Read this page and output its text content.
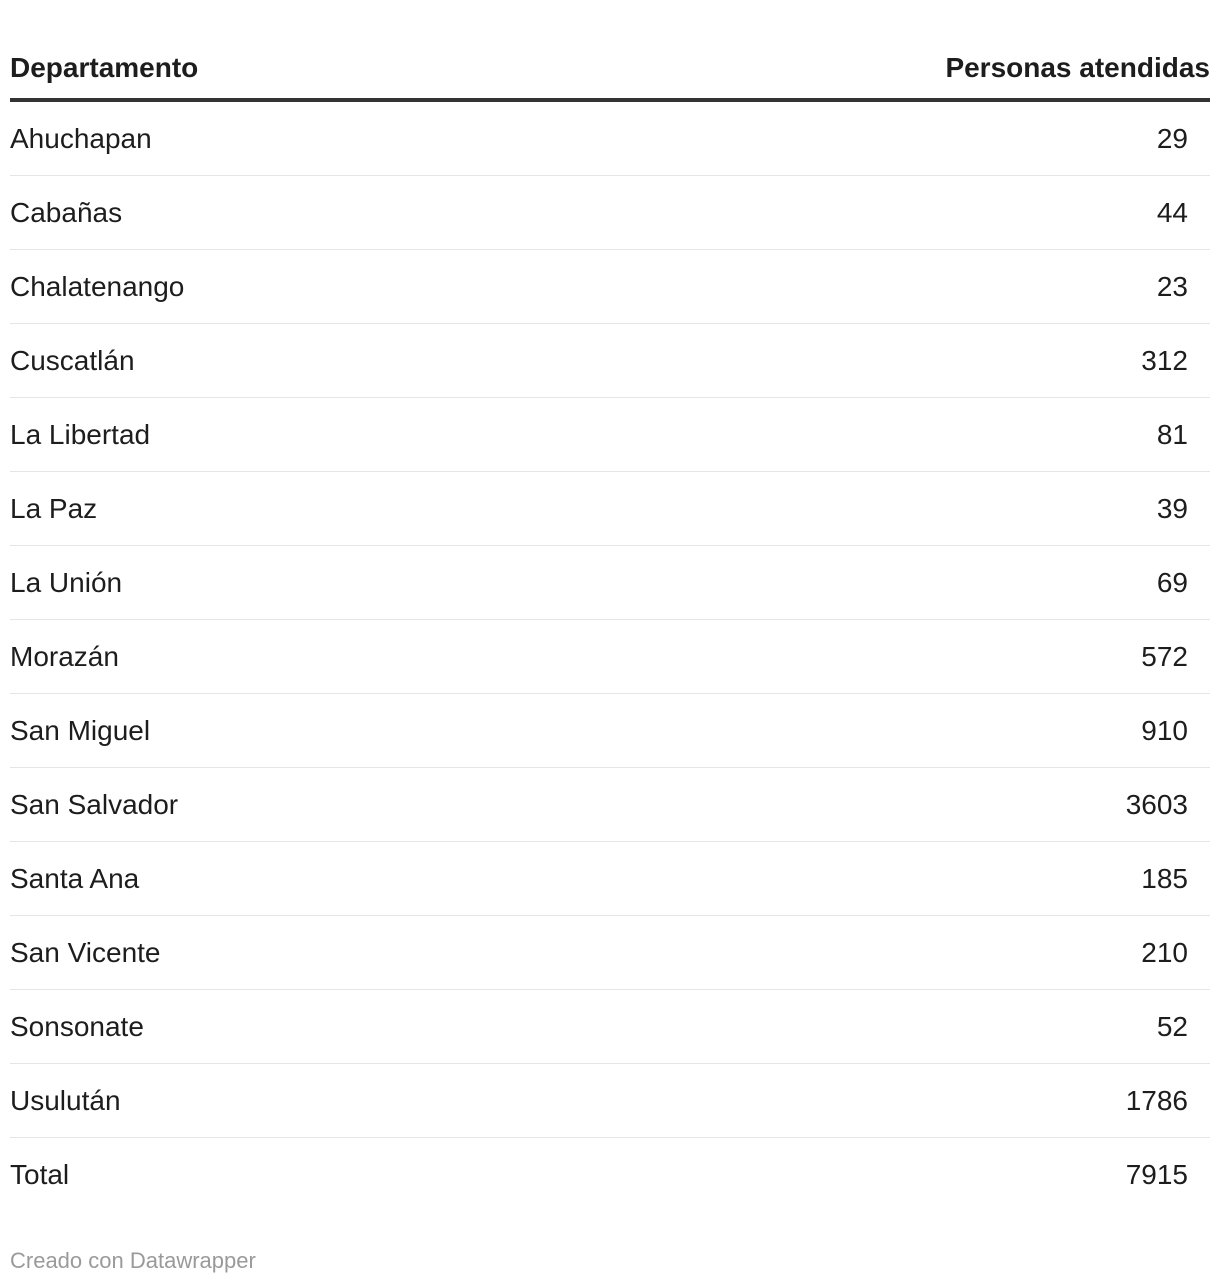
Departamento	Personas atendidas
Ahuchapan	29
Cabañas	44
Chalatenango	23
Cuscatlán	312
La Libertad	81
La Paz	39
La Unión	69
Morazán	572
San Miguel	910
San Salvador	3603
Santa Ana	185
San Vicente	210
Sonsonate	52
Usulután	1786
Total	7915
Creado con Datawrapper
